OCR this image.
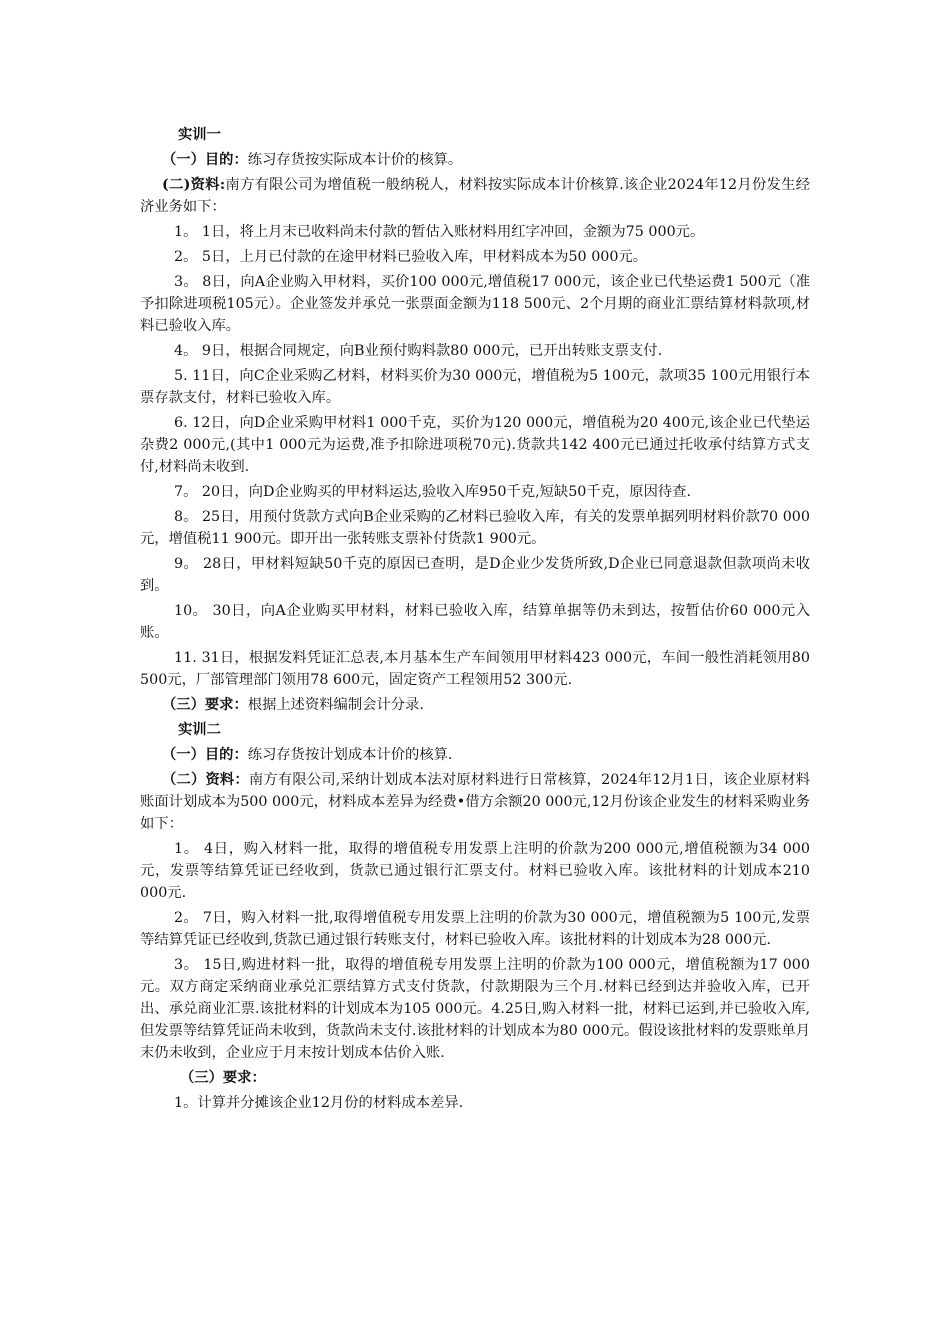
实训一

（一）目的：练习存货按实际成本计价的核算。

(二)资料:南方有限公司为增值税一般纳税人，材料按实际成本计价核算.该企业2024年12月份发生经济业务如下：

1。 1日，将上月末已收料尚未付款的暂估入账材料用红字冲回，金额为75 000元。

2。 5日，上月已付款的在途甲材料已验收入库，甲材料成本为50 000元。

3。 8日，向A企业购入甲材料，买价100 000元,增值税17 000元，该企业已代垫运费1 500元（准予扣除进项税105元）。企业签发并承兑一张票面金额为118 500元、2个月期的商业汇票结算材料款项,材料已验收入库。

4。 9日，根据合同规定，向B业预付购料款80 000元，已开出转账支票支付.

5. 11日，向C企业采购乙材料，材料买价为30 000元，增值税为5 100元，款项35 100元用银行本票存款支付，材料已验收入库。

6. 12日，向D企业采购甲材料1 000千克，买价为120 000元，增值税为20 400元,该企业已代垫运杂费2 000元,(其中1 000元为运费,准予扣除进项税70元).货款共142 400元已通过托收承付结算方式支付,材料尚未收到.

7。 20日，向D企业购买的甲材料运达,验收入库950千克,短缺50千克，原因待查.

8。 25日，用预付货款方式向B企业采购的乙材料已验收入库，有关的发票单据列明材料价款70 000元，增值税11 900元。即开出一张转账支票补付货款1 900元。

9。 28日，甲材料短缺50千克的原因已查明，是D企业少发货所致,D企业已同意退款但款项尚未收到。

10。 30日，向A企业购买甲材料，材料已验收入库，结算单据等仍未到达，按暂估价60 000元入账。

11. 31日，根据发料凭证汇总表,本月基本生产车间领用甲材料423 000元，车间一般性消耗领用80 500元，厂部管理部门领用78 600元，固定资产工程领用52 300元.

（三）要求：根据上述资料编制会计分录.

实训二

（一）目的：练习存货按计划成本计价的核算.

（二）资料：南方有限公司,采纳计划成本法对原材料进行日常核算，2024年12月1日，该企业原材料账面计划成本为500 000元，材料成本差异为经费•借方余额20 000元,12月份该企业发生的材料采购业务如下：

1。 4日，购入材料一批，取得的增值税专用发票上注明的价款为200 000元,增值税额为34 000元，发票等结算凭证已经收到，货款已通过银行汇票支付。材料已验收入库。该批材料的计划成本210 000元.

2。 7日，购入材料一批,取得增值税专用发票上注明的价款为30 000元，增值税额为5 100元,发票等结算凭证已经收到,货款已通过银行转账支付，材料已验收入库。该批材料的计划成本为28 000元.

3。 15日,购进材料一批，取得的增值税专用发票上注明的价款为100 000元，增值税额为17 000元。双方商定采纳商业承兑汇票结算方式支付货款，付款期限为三个月.材料已经到达并验收入库，已开出、承兑商业汇票.该批材料的计划成本为105 000元。4.25日,购入材料一批，材料已运到,并已验收入库,但发票等结算凭证尚未收到，货款尚未支付.该批材料的计划成本为80 000元。假设该批材料的发票账单月末仍未收到，企业应于月末按计划成本估价入账.

（三）要求：

1。计算并分摊该企业12月份的材料成本差异.
